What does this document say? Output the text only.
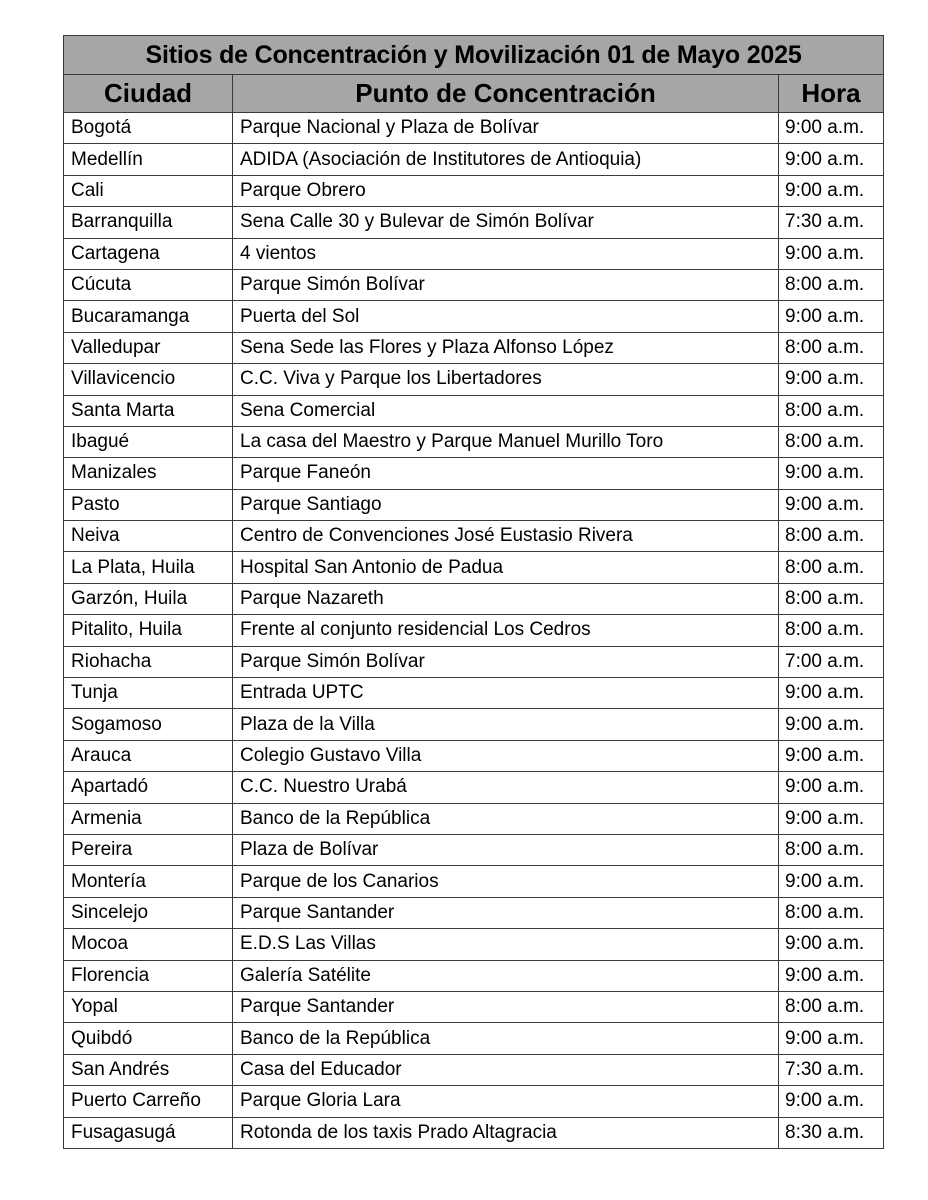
Sitios de Concentración y Movilización 01 de Mayo 2025		
Ciudad	Punto de Concentración	Hora
Bogotá	Parque Nacional y Plaza de Bolívar	9:00 a.m.
Medellín	ADIDA (Asociación de Institutores de Antioquia)	9:00 a.m.
Cali	Parque Obrero	9:00 a.m.
Barranquilla	Sena Calle 30 y Bulevar de Simón Bolívar	7:30 a.m.
Cartagena	4 vientos	9:00 a.m.
Cúcuta	Parque Simón Bolívar	8:00 a.m.
Bucaramanga	Puerta del Sol	9:00 a.m.
Valledupar	Sena Sede las Flores y Plaza Alfonso López	8:00 a.m.
Villavicencio	C.C. Viva y Parque los Libertadores	9:00 a.m.
Santa Marta	Sena Comercial	8:00 a.m.
Ibagué	La casa del Maestro y Parque Manuel Murillo Toro	8:00 a.m.
Manizales	Parque Faneón	9:00 a.m.
Pasto	Parque Santiago	9:00 a.m.
Neiva	Centro de Convenciones José Eustasio Rivera	8:00 a.m.
La Plata, Huila	Hospital San Antonio de Padua	8:00 a.m.
Garzón, Huila	Parque Nazareth	8:00 a.m.
Pitalito, Huila	Frente al conjunto residencial Los Cedros	8:00 a.m.
Riohacha	Parque Simón Bolívar	7:00 a.m.
Tunja	Entrada UPTC	9:00 a.m.
Sogamoso	Plaza de la Villa	9:00 a.m.
Arauca	Colegio Gustavo Villa	9:00 a.m.
Apartadó	C.C. Nuestro Urabá	9:00 a.m.
Armenia	Banco de la República	9:00 a.m.
Pereira	Plaza de Bolívar	8:00 a.m.
Montería	Parque de los Canarios	9:00 a.m.
Sincelejo	Parque Santander	8:00 a.m.
Mocoa	E.D.S Las Villas	9:00 a.m.
Florencia	Galería Satélite	9:00 a.m.
Yopal	Parque Santander	8:00 a.m.
Quibdó	Banco de la República	9:00 a.m.
San Andrés	Casa del Educador	7:30 a.m.
Puerto Carreño	Parque Gloria Lara	9:00 a.m.
Fusagasugá	Rotonda de los taxis Prado Altagracia	8:30 a.m.
